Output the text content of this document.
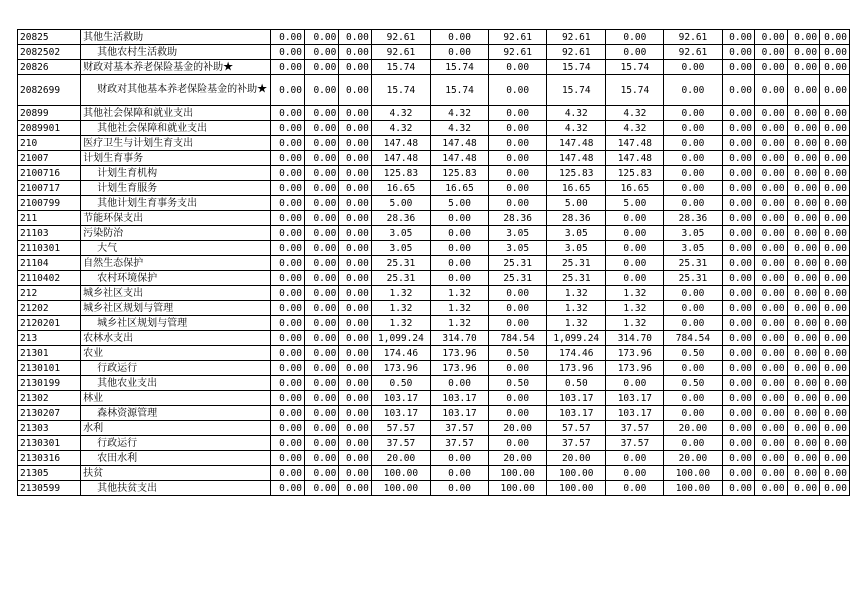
20825	其他生活救助	0.00	0.00	0.00	92.61	0.00	92.61	92.61	0.00	92.61	0.00	0.00	0.00	0.00
2082502	其他农村生活救助	0.00	0.00	0.00	92.61	0.00	92.61	92.61	0.00	92.61	0.00	0.00	0.00	0.00
20826	财政对基本养老保险基金的补助★	0.00	0.00	0.00	15.74	15.74	0.00	15.74	15.74	0.00	0.00	0.00	0.00	0.00
2082699	财政对其他基本养老保险基金的补助★	0.00	0.00	0.00	15.74	15.74	0.00	15.74	15.74	0.00	0.00	0.00	0.00	0.00
20899	其他社会保障和就业支出	0.00	0.00	0.00	4.32	4.32	0.00	4.32	4.32	0.00	0.00	0.00	0.00	0.00
2089901	其他社会保障和就业支出	0.00	0.00	0.00	4.32	4.32	0.00	4.32	4.32	0.00	0.00	0.00	0.00	0.00
210	医疗卫生与计划生育支出	0.00	0.00	0.00	147.48	147.48	0.00	147.48	147.48	0.00	0.00	0.00	0.00	0.00
21007	计划生育事务	0.00	0.00	0.00	147.48	147.48	0.00	147.48	147.48	0.00	0.00	0.00	0.00	0.00
2100716	计划生育机构	0.00	0.00	0.00	125.83	125.83	0.00	125.83	125.83	0.00	0.00	0.00	0.00	0.00
2100717	计划生育服务	0.00	0.00	0.00	16.65	16.65	0.00	16.65	16.65	0.00	0.00	0.00	0.00	0.00
2100799	其他计划生育事务支出	0.00	0.00	0.00	5.00	5.00	0.00	5.00	5.00	0.00	0.00	0.00	0.00	0.00
211	节能环保支出	0.00	0.00	0.00	28.36	0.00	28.36	28.36	0.00	28.36	0.00	0.00	0.00	0.00
21103	污染防治	0.00	0.00	0.00	3.05	0.00	3.05	3.05	0.00	3.05	0.00	0.00	0.00	0.00
2110301	大气	0.00	0.00	0.00	3.05	0.00	3.05	3.05	0.00	3.05	0.00	0.00	0.00	0.00
21104	自然生态保护	0.00	0.00	0.00	25.31	0.00	25.31	25.31	0.00	25.31	0.00	0.00	0.00	0.00
2110402	农村环境保护	0.00	0.00	0.00	25.31	0.00	25.31	25.31	0.00	25.31	0.00	0.00	0.00	0.00
212	城乡社区支出	0.00	0.00	0.00	1.32	1.32	0.00	1.32	1.32	0.00	0.00	0.00	0.00	0.00
21202	城乡社区规划与管理	0.00	0.00	0.00	1.32	1.32	0.00	1.32	1.32	0.00	0.00	0.00	0.00	0.00
2120201	城乡社区规划与管理	0.00	0.00	0.00	1.32	1.32	0.00	1.32	1.32	0.00	0.00	0.00	0.00	0.00
213	农林水支出	0.00	0.00	0.00	1,099.24	314.70	784.54	1,099.24	314.70	784.54	0.00	0.00	0.00	0.00
21301	农业	0.00	0.00	0.00	174.46	173.96	0.50	174.46	173.96	0.50	0.00	0.00	0.00	0.00
2130101	行政运行	0.00	0.00	0.00	173.96	173.96	0.00	173.96	173.96	0.00	0.00	0.00	0.00	0.00
2130199	其他农业支出	0.00	0.00	0.00	0.50	0.00	0.50	0.50	0.00	0.50	0.00	0.00	0.00	0.00
21302	林业	0.00	0.00	0.00	103.17	103.17	0.00	103.17	103.17	0.00	0.00	0.00	0.00	0.00
2130207	森林资源管理	0.00	0.00	0.00	103.17	103.17	0.00	103.17	103.17	0.00	0.00	0.00	0.00	0.00
21303	水利	0.00	0.00	0.00	57.57	37.57	20.00	57.57	37.57	20.00	0.00	0.00	0.00	0.00
2130301	行政运行	0.00	0.00	0.00	37.57	37.57	0.00	37.57	37.57	0.00	0.00	0.00	0.00	0.00
2130316	农田水利	0.00	0.00	0.00	20.00	0.00	20.00	20.00	0.00	20.00	0.00	0.00	0.00	0.00
21305	扶贫	0.00	0.00	0.00	100.00	0.00	100.00	100.00	0.00	100.00	0.00	0.00	0.00	0.00
2130599	其他扶贫支出	0.00	0.00	0.00	100.00	0.00	100.00	100.00	0.00	100.00	0.00	0.00	0.00	0.00
